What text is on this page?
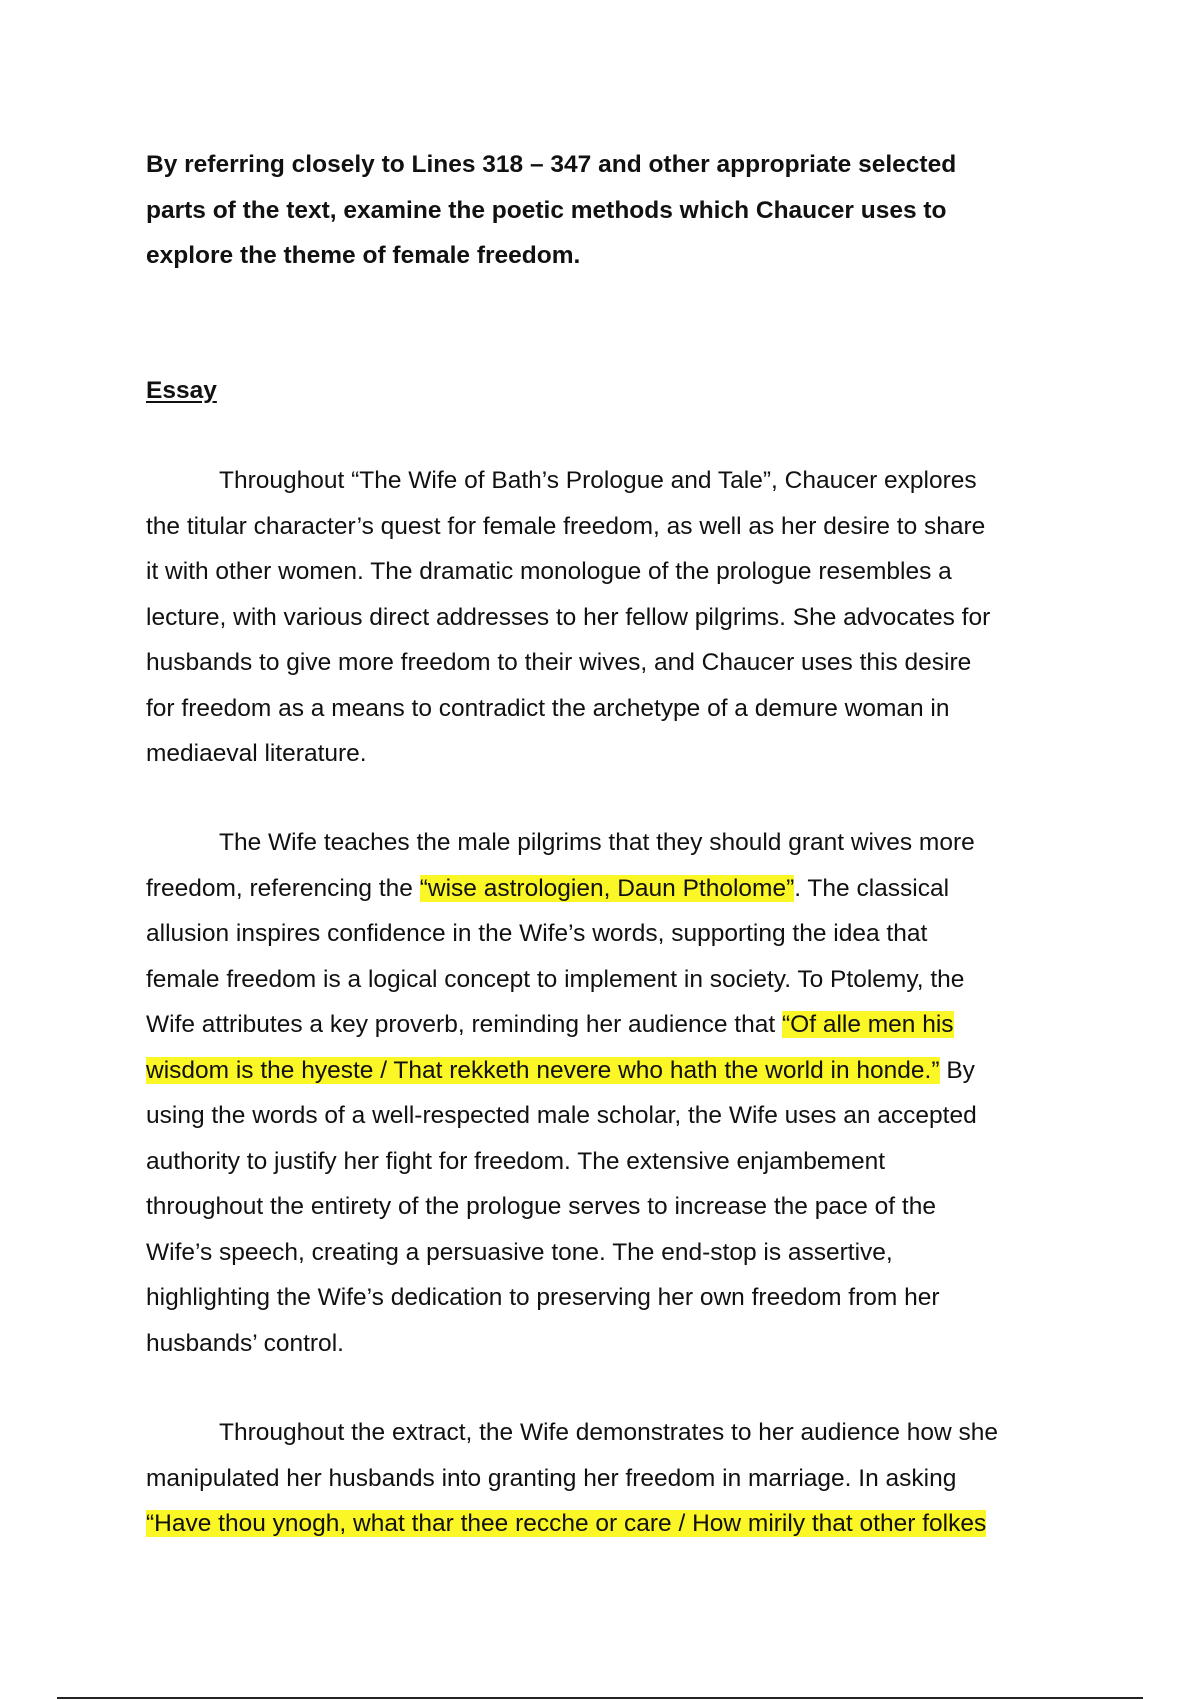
By referring closely to Lines 318 – 347 and other appropriate selected
parts of the text, examine the poetic methods which Chaucer uses to
explore the theme of female freedom.

Essay

Throughout “The Wife of Bath’s Prologue and Tale”, Chaucer explores
the titular character’s quest for female freedom, as well as her desire to share
it with other women. The dramatic monologue of the prologue resembles a
lecture, with various direct addresses to her fellow pilgrims. She advocates for
husbands to give more freedom to their wives, and Chaucer uses this desire
for freedom as a means to contradict the archetype of a demure woman in
mediaeval literature.

The Wife teaches the male pilgrims that they should grant wives more
freedom, referencing the “wise astrologien, Daun Ptholome”. The classical
allusion inspires confidence in the Wife’s words, supporting the idea that
female freedom is a logical concept to implement in society. To Ptolemy, the
Wife attributes a key proverb, reminding her audience that “Of alle men his
wisdom is the hyeste / That rekketh nevere who hath the world in honde.” By
using the words of a well-respected male scholar, the Wife uses an accepted
authority to justify her fight for freedom. The extensive enjambement
throughout the entirety of the prologue serves to increase the pace of the
Wife’s speech, creating a persuasive tone. The end-stop is assertive,
highlighting the Wife’s dedication to preserving her own freedom from her
husbands’ control.

Throughout the extract, the Wife demonstrates to her audience how she
manipulated her husbands into granting her freedom in marriage. In asking
“Have thou ynogh, what thar thee recche or care / How mirily that other folkes
